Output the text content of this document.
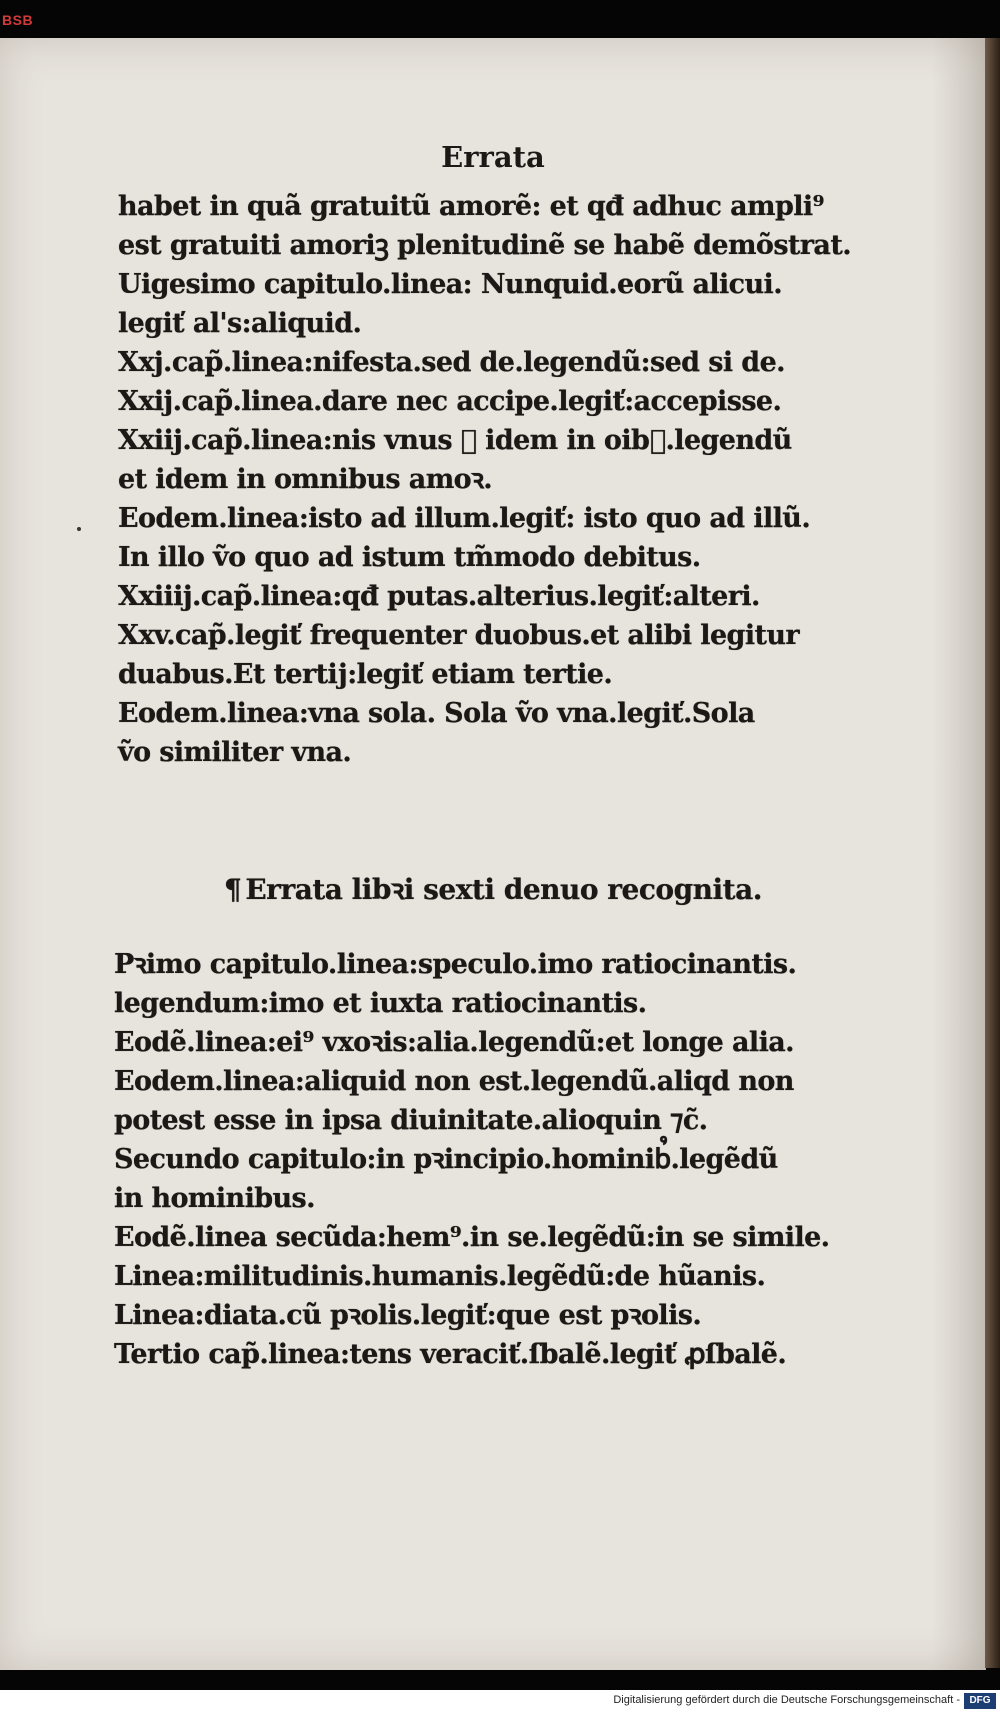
BSB
Errata
habet in quã gratuitũ amorẽ: et qđ adhuc ampli⁹
est gratuiti amoriꝫ plenitudinẽ se habẽ demõstrat.
Uigesimo capitulo.linea: Nunquid.eorũ alicui.
legiť al's:aliquid.
Xxj.cap̃.linea:nifesta.sed de.legendũ:sed si de.
Xxij.cap̃.linea.dare nec accipe.legiť:accepisse.
Xxiij.cap̃.linea:nis vnus ⁊ idem in oib᷒.legendũ
et idem in omnibus amoꝛ.
Eodem.linea:isto ad illum.legiť: isto quo ad illũ.
In illo ṽo quo ad istum tm̃modo debitus.
Xxiiij.cap̃.linea:qđ putas.alterius.legiť:alteri.
Xxv.cap̃.legiť frequenter duobus.et alibi legitur
duabus.Et tertĳ:legiť etiam tertie.
Eodem.linea:vna sola. Sola ṽo vna.legiť.Sola
ṽo similiter vna.
¶ Errata libꝛi sexti denuo recognita.
Pꝛimo capitulo.linea:speculo.imo ratiocinantis.
legendum:imo et iuxta ratiocinantis.
Eodẽ.linea:ei⁹ vxoꝛis:alia.legendũ:et longe alia.
Eodem.linea:aliquid non est.legendũ.aliqd non
potest esse in ipsa diuinitate.alioquin ⁊c̃.
Secundo capitulo:in pꝛincipio.hominib᷒.legẽdũ
in hominibus.
Eodẽ.linea secũda:hem⁹.in se.legẽdũ:in se simile.
Linea:militudinis.humanis.legẽdũ:de hũanis.
Linea:diata.cũ pꝛolis.legiť:que est pꝛolis.
Tertio cap̃.linea:tens veraciť.ſbalẽ.legiť ꝓſbalẽ.
Digitalisierung gefördert durch die Deutsche Forschungsgemeinschaft - DFG
